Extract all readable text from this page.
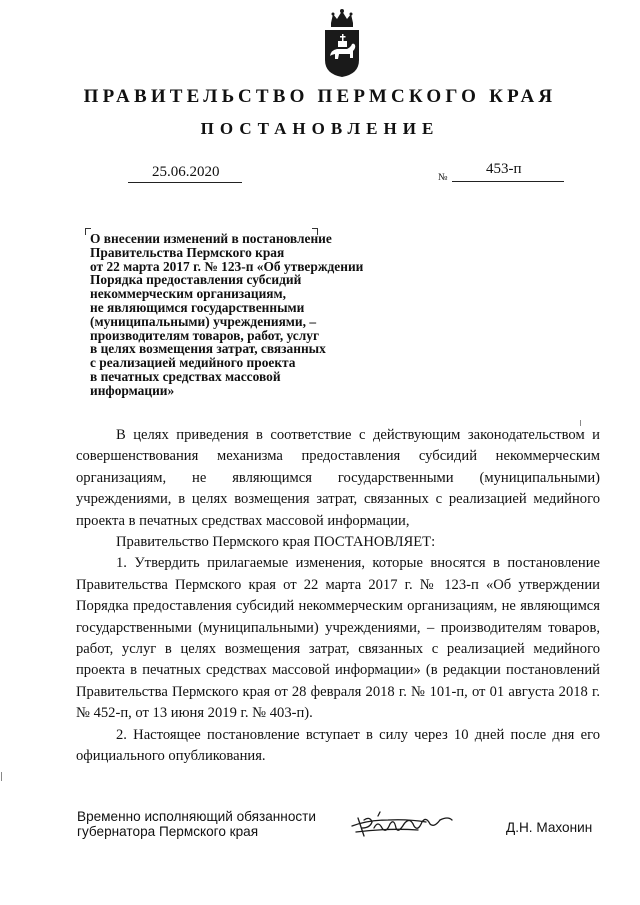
ПРАВИТЕЛЬСТВО ПЕРМСКОГО КРАЯ
ПОСТАНОВЛЕНИЕ
25.06.2020	№
453-п
О внесении изменений в постановление
Правительства Пермского края
от 22 марта 2017 г. № 123-п «Об утверждении
Порядка предоставления субсидий
некоммерческим организациям,
не являющимся государственными
(муниципальными) учреждениями, –
производителям товаров, работ, услуг
в целях возмещения затрат, связанных
с реализацией медийного проекта
в печатных средствах массовой
информации»

В целях приведения в соответствие с действующим законодательством и совершенствования механизма предоставления субсидий некоммерческим организациям, не являющимся государственными (муниципальными) учреждениями, в целях возмещения затрат, связанных с реализацией медийного проекта в печатных средствах массовой информации,

Правительство Пермского края ПОСТАНОВЛЯЕТ:

1. Утвердить прилагаемые изменения, которые вносятся в постановление Правительства Пермского края от 22 марта 2017 г. № 123-п «Об утверждении Порядка предоставления субсидий некоммерческим организациям, не являющимся государственными (муниципальными) учреждениями, – производителям товаров, работ, услуг в целях возмещения затрат, связанных с реализацией медийного проекта в печатных средствах массовой информации» (в редакции постановлений Правительства Пермского края от 28 февраля 2018 г. № 101-п, от 01 августа 2018 г. № 452-п, от 13 июня 2019 г. № 403-п).

2. Настоящее постановление вступает в силу через 10 дней после дня его официального опубликования.

Временно исполняющий обязанности
губернатора Пермского края	Д.Н. Махонин
